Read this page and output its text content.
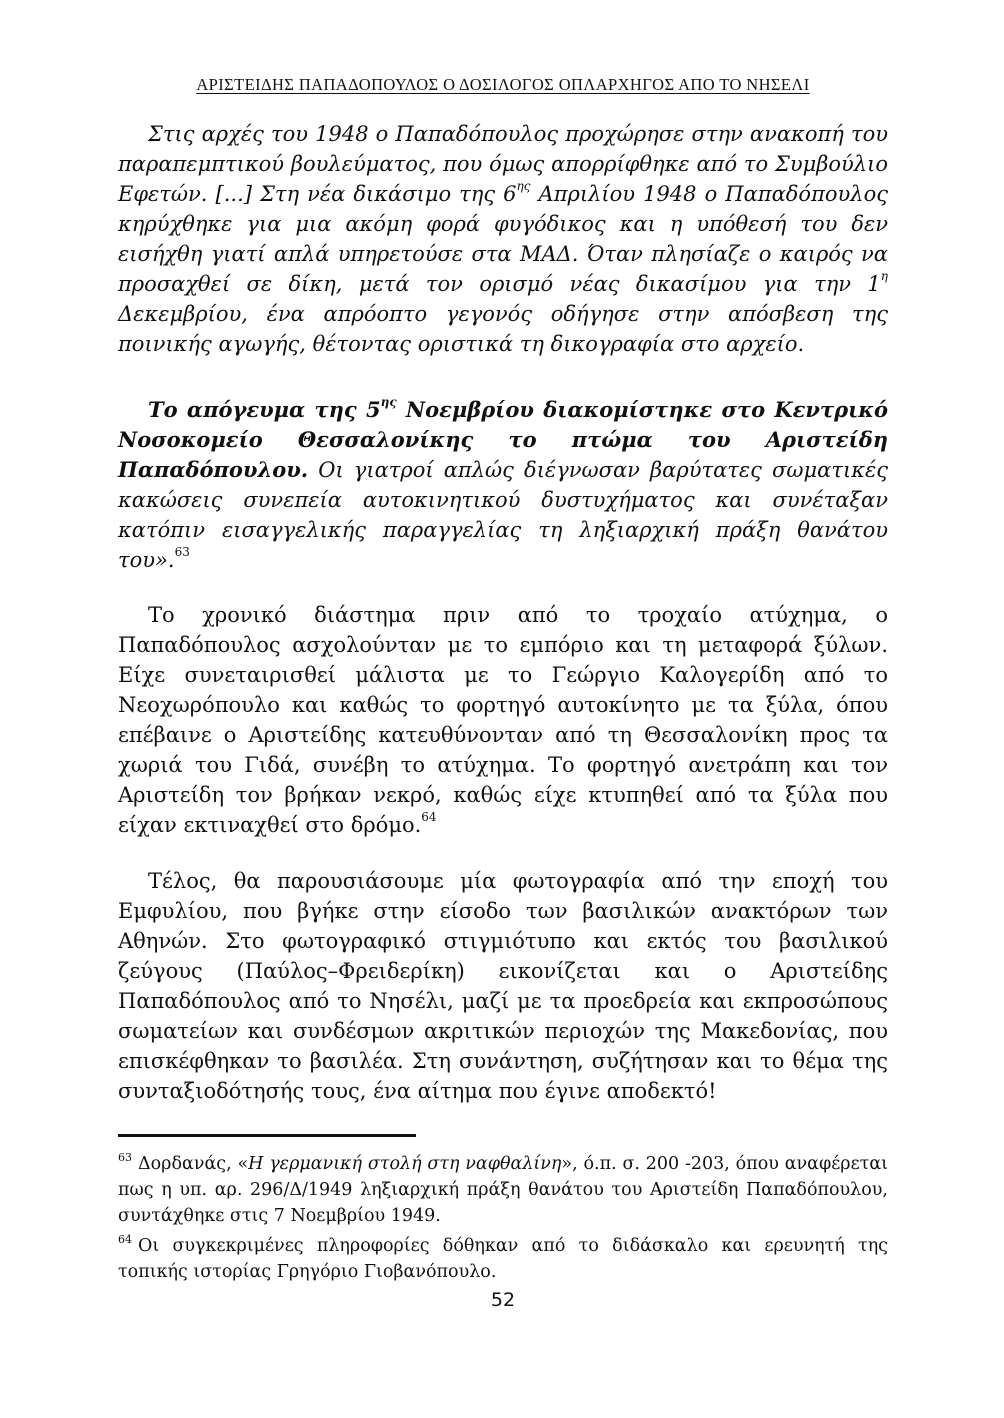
ΑΡΙΣΤΕΙΔΗΣ ΠΑΠΑΔΟΠΟΥΛΟΣ Ο ΔΟΣΙΛΟΓΟΣ ΟΠΛΑΡΧΗΓΟΣ ΑΠΟ ΤΟ ΝΗΣΕΛΙ

Στις αρχές του 1948 ο Παπαδόπουλος προχώρησε στην ανακοπή του παραπεμπτικού βουλεύματος, που όμως απορρίφθηκε από το Συμβούλιο Εφετών. [...] Στη νέα δικάσιμο της $6^{\eta\varsigma}$ Απριλίου 1948 ο Παπαδόπουλος κηρύχθηκε για μια ακόμη φορά φυγόδικος και η υπόθεσή του δεν εισήχθη γιατί απλά υπηρετούσε στα ΜΑΔ. Όταν πλησίαζε ο καιρός να προσαχθεί σε δίκη, μετά τον ορισμό νέας δικασίμου για την $1^\eta$ Δεκεμβρίου, ένα απρόοπτο γεγονός οδήγησε στην απόσβεση της ποινικής αγωγής, θέτοντας οριστικά τη δικογραφία στο αρχείο.

Το απόγευμα της $5^{\eta\varsigma}$ Νοεμβρίου διακομίστηκε στο Κεντρικό Νοσοκομείο Θεσσαλονίκης το πτώμα του Αριστείδη Παπαδόπουλου. Οι γιατροί απλώς διέγνωσαν βαρύτατες σωματικές κακώσεις συνεπεία αυτοκινητικού δυστυχήματος και συνέταξαν κατόπιν εισαγγελικής παραγγελίας τη ληξιαρχική πράξη θανάτου του».$^{63}$

Το χρονικό διάστημα πριν από το τροχαίο ατύχημα, ο Παπαδόπουλος ασχολούνταν με το εμπόριο και τη μεταφορά ξύλων. Είχε συνεταιρισθεί μάλιστα με το Γεώργιο Καλογερίδη από το Νεοχωρόπουλο και καθώς το φορτηγό αυτοκίνητο με τα ξύλα, όπου επέβαινε ο Αριστείδης κατευθύνονταν από τη Θεσσαλονίκη προς τα χωριά του Γιδά, συνέβη το ατύχημα. Το φορτηγό ανετράπη και τον Αριστείδη τον βρήκαν νεκρό, καθώς είχε κτυπηθεί από τα ξύλα που είχαν εκτιναχθεί στο δρόμο.$^{64}$

Τέλος, θα παρουσιάσουμε μία φωτογραφία από την εποχή του Εμφυλίου, που βγήκε στην είσοδο των βασιλικών ανακτόρων των Αθηνών. Στο φωτογραφικό στιγμιότυπο και εκτός του βασιλικού ζεύγους (Παύλος–Φρειδερίκη) εικονίζεται και ο Αριστείδης Παπαδόπουλος από το Νησέλι, μαζί με τα προεδρεία και εκπροσώπους σωματείων και συνδέσμων ακριτικών περιοχών της Μακεδονίας, που επισκέφθηκαν το βασιλέα. Στη συνάντηση, συζήτησαν και το θέμα της συνταξιοδότησής τους, ένα αίτημα που έγινε αποδεκτό!

$^{63}$ Δορδανάς, «Η γερμανική στολή στη ναφθαλίνη», ό.π. σ. 200 -203, όπου αναφέρεται πως η υπ. αρ. 296/Δ/1949 ληξιαρχική πράξη θανάτου του Αριστείδη Παπαδόπουλου, συντάχθηκε στις 7 Νοεμβρίου 1949.

$^{64}$ Οι συγκεκριμένες πληροφορίες δόθηκαν από το διδάσκαλο και ερευνητή της τοπικής ιστορίας Γρηγόριο Γιοβανόπουλο.

52
